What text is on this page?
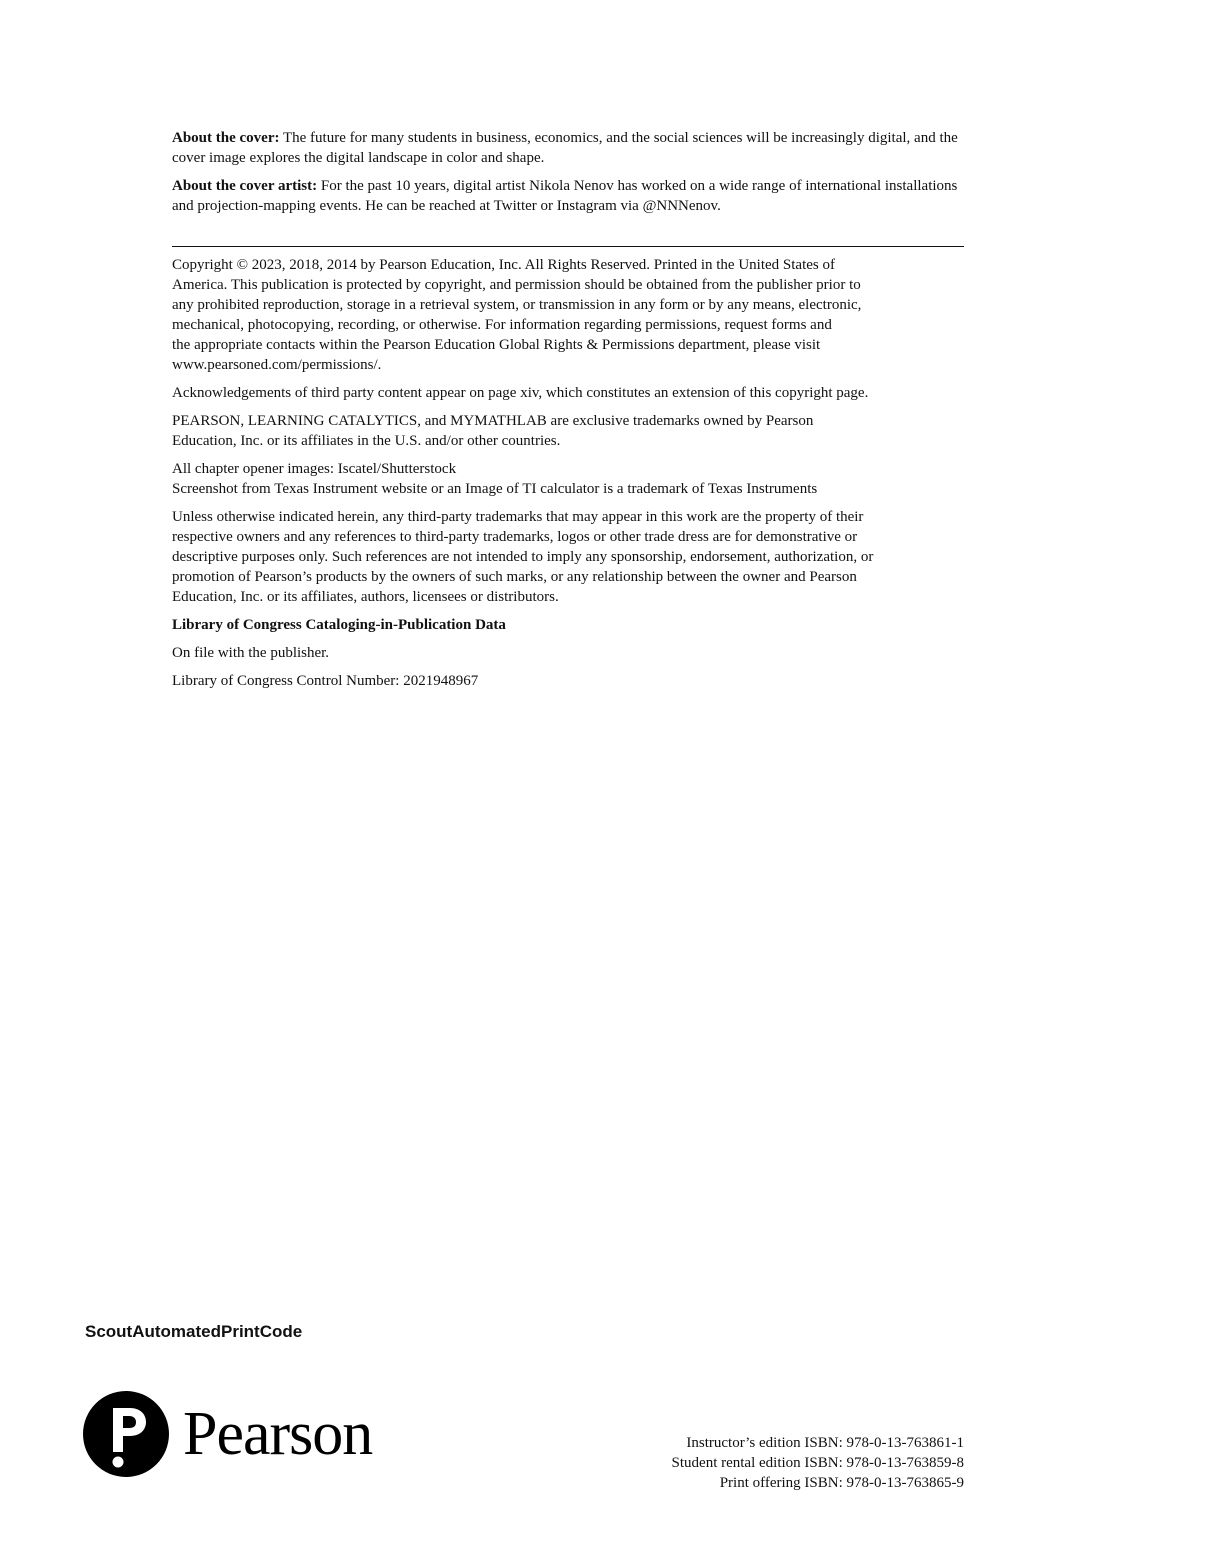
About the cover: The future for many students in business, economics, and the social sciences will be increasingly digital, and the cover image explores the digital landscape in color and shape.

About the cover artist: For the past 10 years, digital artist Nikola Nenov has worked on a wide range of international installations and projection-mapping events. He can be reached at Twitter or Instagram via @NNNenov.

Copyright © 2023, 2018, 2014 by Pearson Education, Inc. All Rights Reserved. Printed in the United States of
America. This publication is protected by copyright, and permission should be obtained from the publisher prior to
any prohibited reproduction, storage in a retrieval system, or transmission in any form or by any means, electronic,
mechanical, photocopying, recording, or otherwise. For information regarding permissions, request forms and
the appropriate contacts within the Pearson Education Global Rights & Permissions department, please visit
www.pearsoned.com/permissions/.

Acknowledgements of third party content appear on page xiv, which constitutes an extension of this copyright page.

PEARSON, LEARNING CATALYTICS, and MYMATHLAB are exclusive trademarks owned by Pearson
Education, Inc. or its affiliates in the U.S. and/or other countries.

All chapter opener images: Iscatel/Shutterstock
Screenshot from Texas Instrument website or an Image of TI calculator is a trademark of Texas Instruments

Unless otherwise indicated herein, any third-party trademarks that may appear in this work are the property of their
respective owners and any references to third-party trademarks, logos or other trade dress are for demonstrative or
descriptive purposes only. Such references are not intended to imply any sponsorship, endorsement, authorization, or
promotion of Pearson’s products by the owners of such marks, or any relationship between the owner and Pearson
Education, Inc. or its affiliates, authors, licensees or distributors.

Library of Congress Cataloging-in-Publication Data

On file with the publisher.

Library of Congress Control Number: 2021948967

ScoutAutomatedPrintCode
Pearson	Instructor’s edition ISBN: 978-0-13-763861-1
Student rental edition ISBN: 978-0-13-763859-8
Print offering ISBN: 978-0-13-763865-9
